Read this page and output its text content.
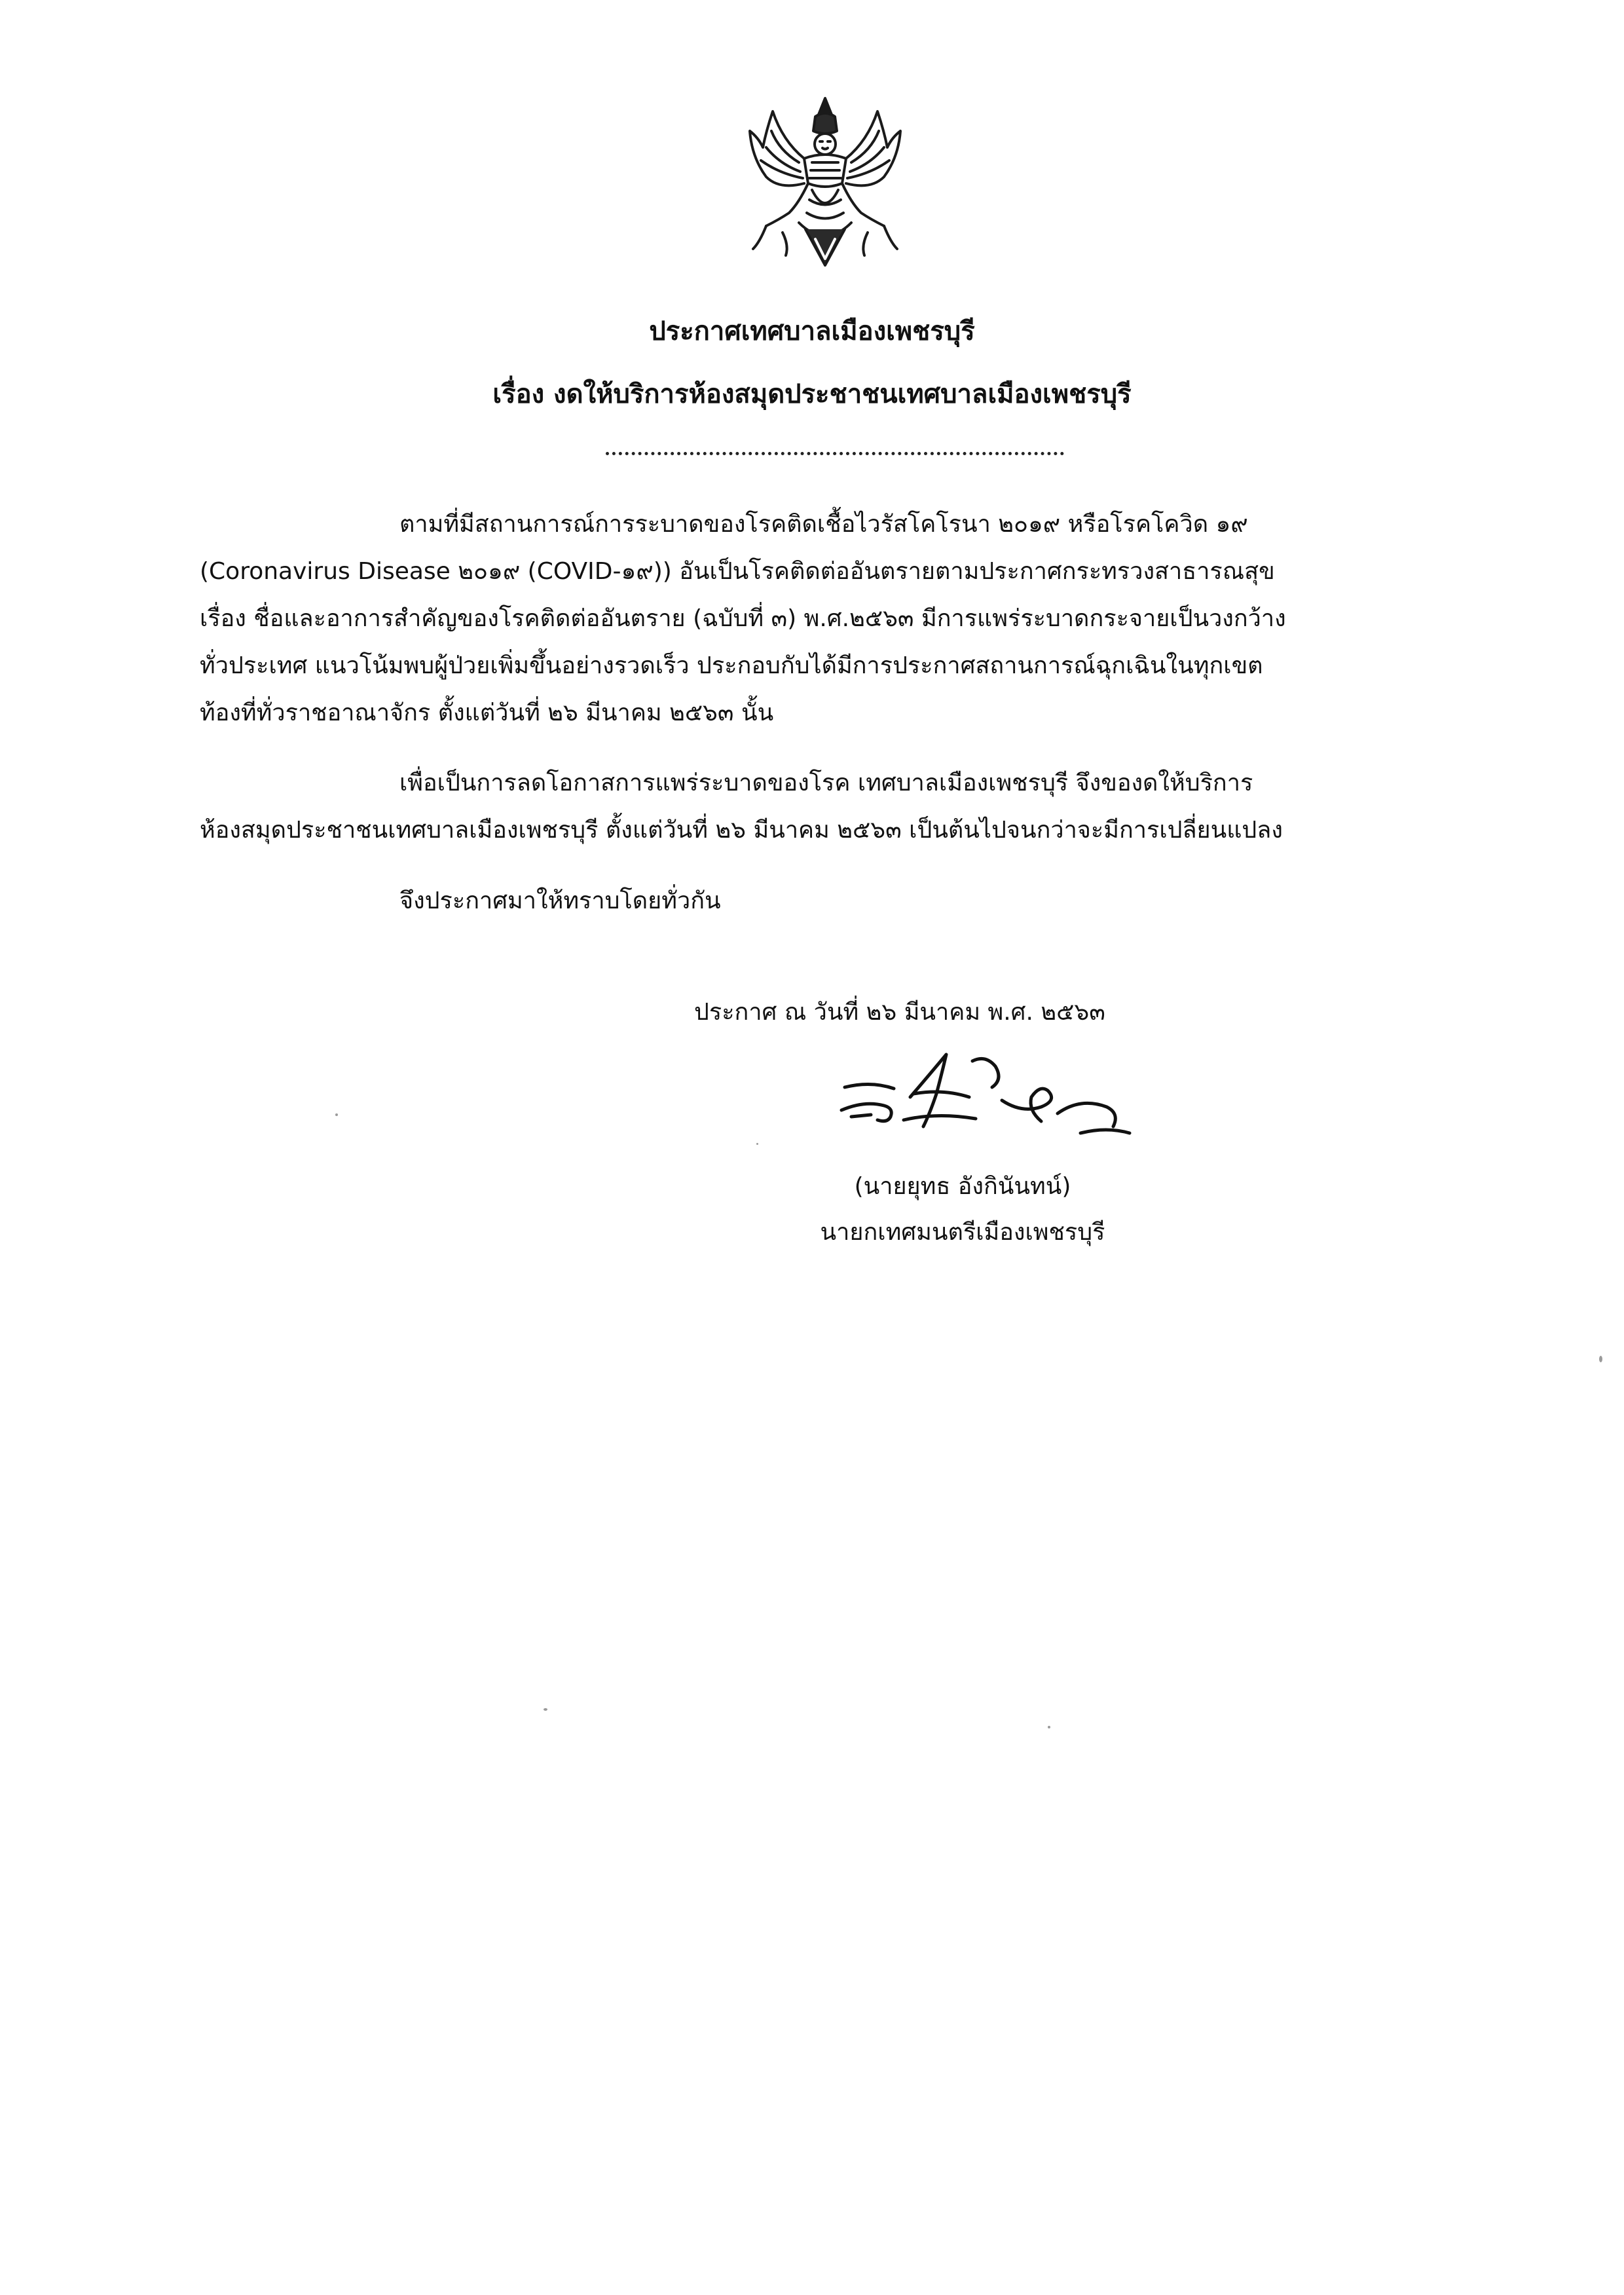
ประกาศเทศบาลเมืองเพชรบุรี
เรื่อง งดให้บริการห้องสมุดประชาชนเทศบาลเมืองเพชรบุรี
ตามที่มีสถานการณ์การระบาดของโรคติดเชื้อไวรัสโคโรนา ๒๐๑๙ หรือโรคโควิด ๑๙
(Coronavirus Disease ๒๐๑๙ (COVID-๑๙)) อันเป็นโรคติดต่ออันตรายตามประกาศกระทรวงสาธารณสุข
เรื่อง ชื่อและอาการสำคัญของโรคติดต่ออันตราย (ฉบับที่ ๓) พ.ศ.๒๕๖๓ มีการแพร่ระบาดกระจายเป็นวงกว้าง
ทั่วประเทศ แนวโน้มพบผู้ป่วยเพิ่มขึ้นอย่างรวดเร็ว ประกอบกับได้มีการประกาศสถานการณ์ฉุกเฉินในทุกเขต
ท้องที่ทั่วราชอาณาจักร ตั้งแต่วันที่ ๒๖ มีนาคม ๒๕๖๓ นั้น
เพื่อเป็นการลดโอกาสการแพร่ระบาดของโรค เทศบาลเมืองเพชรบุรี จึงของดให้บริการ
ห้องสมุดประชาชนเทศบาลเมืองเพชรบุรี ตั้งแต่วันที่ ๒๖ มีนาคม ๒๕๖๓ เป็นต้นไปจนกว่าจะมีการเปลี่ยนแปลง
จึงประกาศมาให้ทราบโดยทั่วกัน
ประกาศ ณ วันที่ ๒๖ มีนาคม พ.ศ. ๒๕๖๓
(นายยุทธ อังกินันทน์)
นายกเทศมนตรีเมืองเพชรบุรี
